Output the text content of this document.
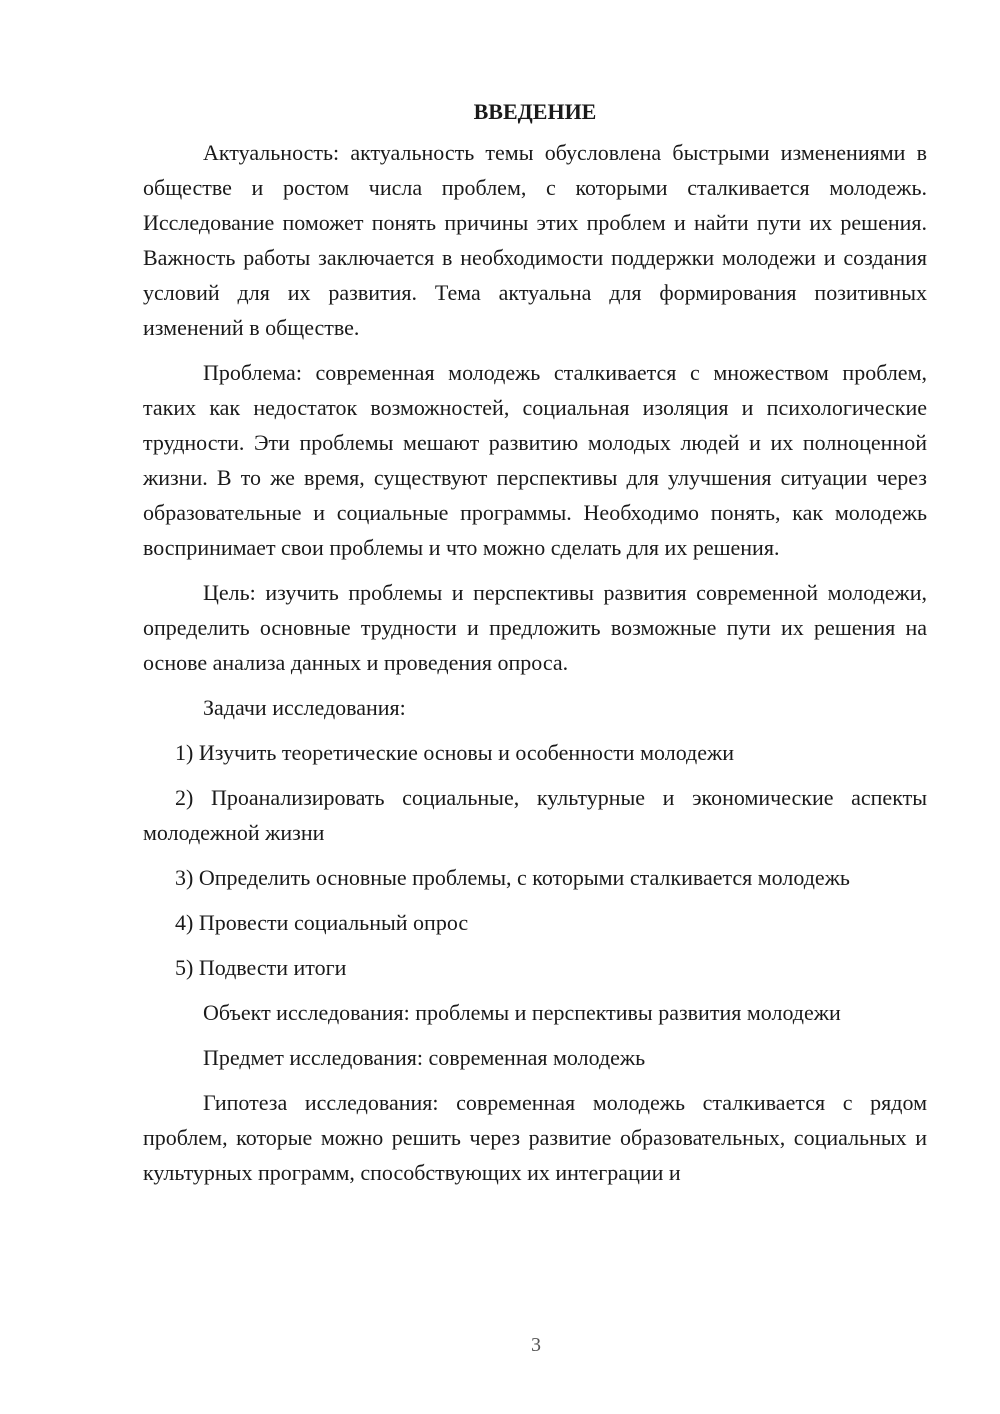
ВВЕДЕНИЕ

Актуальность: актуальность темы обусловлена быстрыми изменениями в обществе и ростом числа проблем, с которыми сталкивается молодежь. Исследование поможет понять причины этих проблем и найти пути их решения. Важность работы заключается в необходимости поддержки молодежи и создания условий для их развития. Тема актуальна для формирования позитивных изменений в обществе.

Проблема: современная молодежь сталкивается с множеством проблем, таких как недостаток возможностей, социальная изоляция и психологические трудности. Эти проблемы мешают развитию молодых людей и их полноценной жизни. В то же время, существуют перспективы для улучшения ситуации через образовательные и социальные программы. Необходимо понять, как молодежь воспринимает свои проблемы и что можно сделать для их решения.

Цель: изучить проблемы и перспективы развития современной молодежи, определить основные трудности и предложить возможные пути их решения на основе анализа данных и проведения опроса.

Задачи исследования:

1) Изучить теоретические основы и особенности молодежи

2) Проанализировать социальные, культурные и экономические аспекты молодежной жизни

3) Определить основные проблемы, с которыми сталкивается молодежь

4) Провести социальный опрос

5) Подвести итоги

Объект исследования: проблемы и перспективы развития молодежи

Предмет исследования: современная молодежь

Гипотеза исследования: современная молодежь сталкивается с рядом проблем, которые можно решить через развитие образовательных, социальных и культурных программ, способствующих их интеграции и

3
